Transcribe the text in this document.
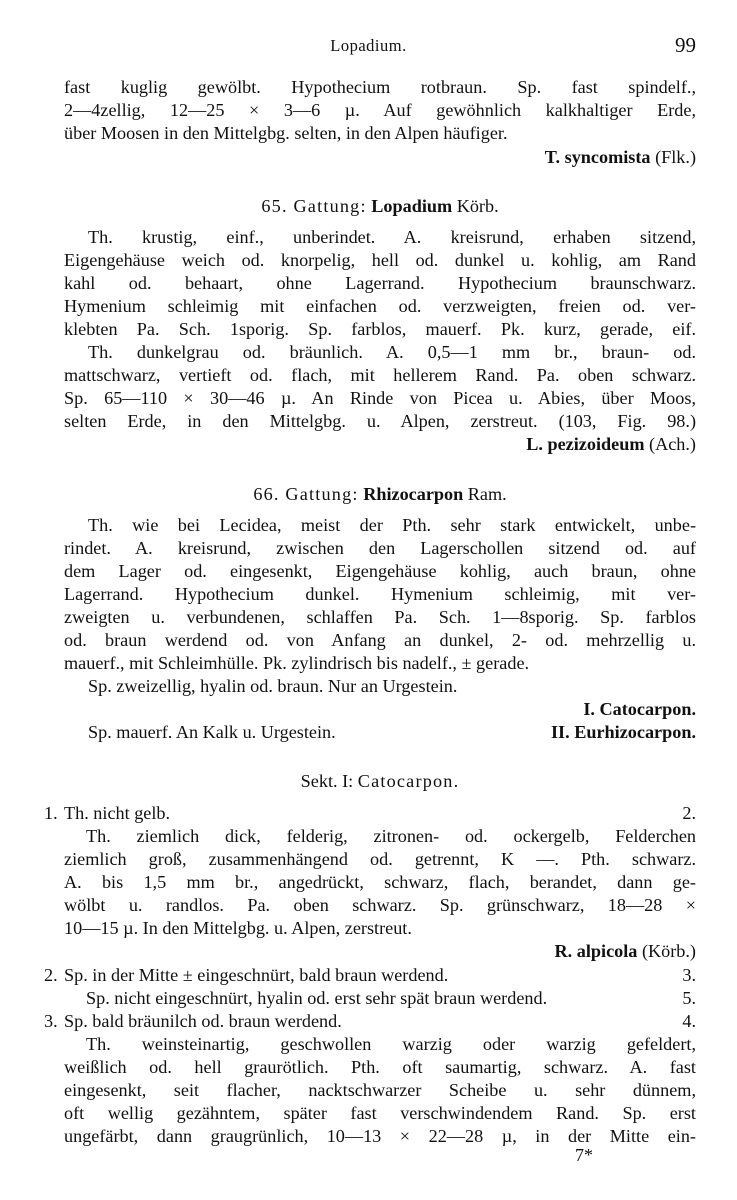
Lopadium.	99
fast kuglig gewölbt. Hypothecium rotbraun. Sp. fast spindelf.,
2—4zellig, 12—25 × 3—6 µ. Auf gewöhnlich kalkhaltiger Erde,
über Moosen in den Mittelgbg. selten, in den Alpen häufiger.
T. syncomista (Flk.)
65. Gattung: Lopadium Körb.
Th. krustig, einf., unberindet. A. kreisrund, erhaben sitzend,
Eigengehäuse weich od. knorpelig, hell od. dunkel u. kohlig, am Rand
kahl od. behaart, ohne Lagerrand. Hypothecium braunschwarz.
Hymenium schleimig mit einfachen od. verzweigten, freien od. ver-
klebten Pa. Sch. 1sporig. Sp. farblos, mauerf. Pk. kurz, gerade, eif.
Th. dunkelgrau od. bräunlich. A. 0,5—1 mm br., braun- od.
mattschwarz, vertieft od. flach, mit hellerem Rand. Pa. oben schwarz.
Sp. 65—110 × 30—46 µ. An Rinde von Picea u. Abies, über Moos,
selten Erde, in den Mittelgbg. u. Alpen, zerstreut. (103, Fig. 98.)
L. pezizoideum (Ach.)
66. Gattung: Rhizocarpon Ram.
Th. wie bei Lecidea, meist der Pth. sehr stark entwickelt, unbe-
rindet. A. kreisrund, zwischen den Lagerschollen sitzend od. auf
dem Lager od. eingesenkt, Eigengehäuse kohlig, auch braun, ohne
Lagerrand. Hypothecium dunkel. Hymenium schleimig, mit ver-
zweigten u. verbundenen, schlaffen Pa. Sch. 1—8sporig. Sp. farblos
od. braun werdend od. von Anfang an dunkel, 2- od. mehrzellig u.
mauerf., mit Schleimhülle. Pk. zylindrisch bis nadelf., ± gerade.
Sp. zweizellig, hyalin od. braun. Nur an Urgestein.
I. Catocarpon.
Sp. mauerf. An Kalk u. Urgestein.	II. Eurhizocarpon.
Sekt. I: Catocarpon.
1. Th. nicht gelb.	2.
Th. ziemlich dick, felderig, zitronen- od. ockergelb, Felderchen
ziemlich groß, zusammenhängend od. getrennt, K —. Pth. schwarz.
A. bis 1,5 mm br., angedrückt, schwarz, flach, berandet, dann ge-
wölbt u. randlos. Pa. oben schwarz. Sp. grünschwarz, 18—28 ×
10—15 µ. In den Mittelgbg. u. Alpen, zerstreut.
R. alpicola (Körb.)
2. Sp. in der Mitte ± eingeschnürt, bald braun werdend.	3.
Sp. nicht eingeschnürt, hyalin od. erst sehr spät braun werdend.	5.
3. Sp. bald bräunilch od. braun werdend.	4.
Th. weinsteinartig, geschwollen warzig oder warzig gefeldert,
weißlich od. hell graurötlich. Pth. oft saumartig, schwarz. A. fast
eingesenkt, seit flacher, nacktschwarzer Scheibe u. sehr dünnem,
oft wellig gezähntem, später fast verschwindendem Rand. Sp. erst
ungefärbt, dann graugrünlich, 10—13 × 22—28 µ, in der Mitte ein-
7*
